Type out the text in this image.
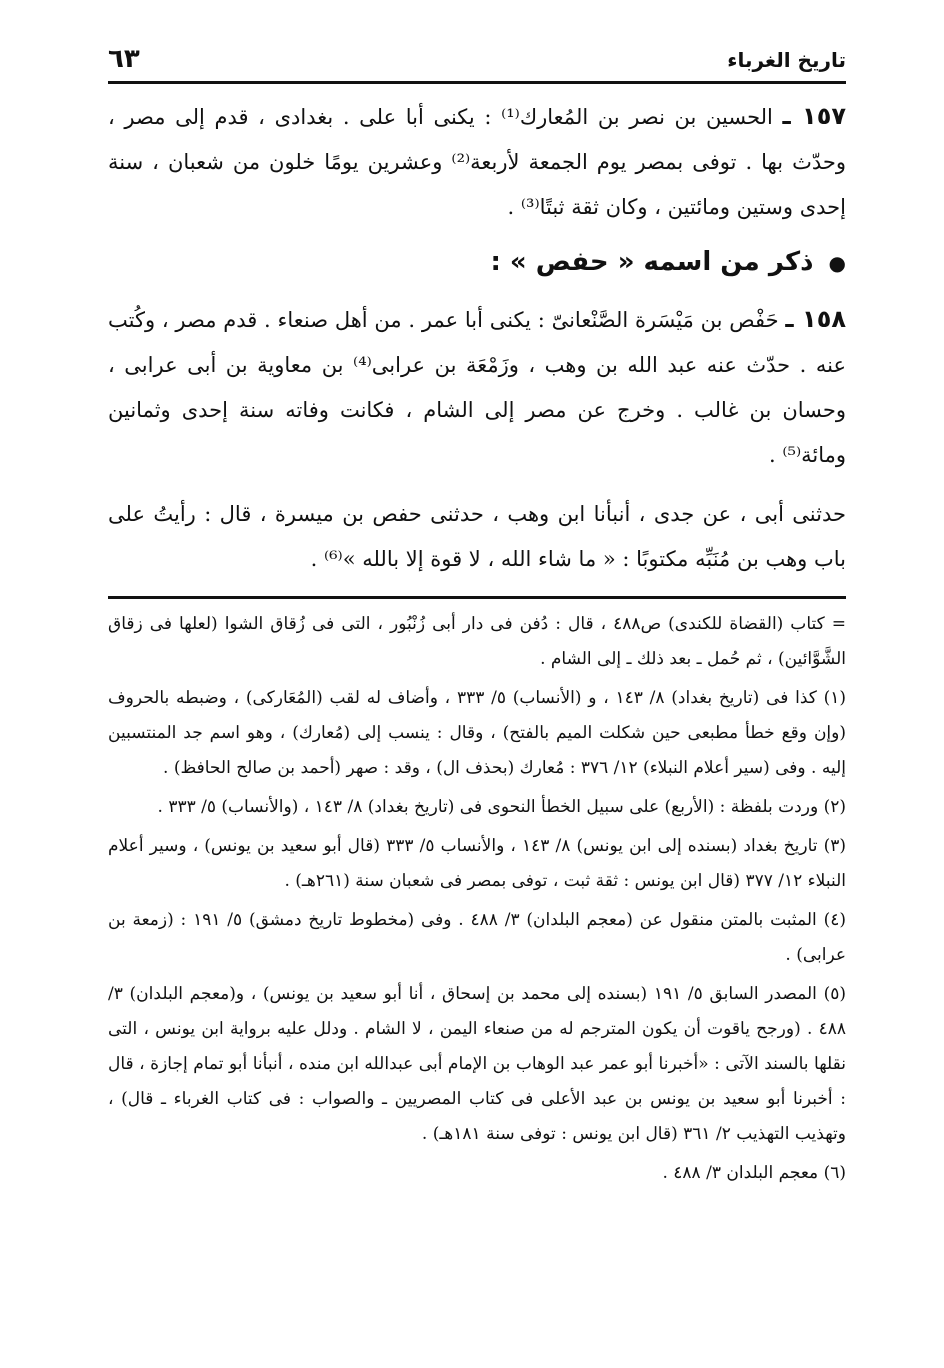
تاريخ الغرباء
٦٣

١٥٧ ـ الحسين بن نصر بن المُعارك⁽¹⁾ : يكنى أبا على . بغدادى ، قدم إلى مصر ، وحدّث بها . توفى بمصر يوم الجمعة لأربعة⁽²⁾ وعشرين يومًا خلون من شعبان ، سنة إحدى وستين ومائتين ، وكان ثقة ثبتًا⁽³⁾ .

● ذكر من اسمه « حفص » :

١٥٨ ـ حَفْص بن مَيْسَرة الصَّنْعانىّ : يكنى أبا عمر . من أهل صنعاء . قدم مصر ، وكُتب عنه . حدّث عنه عبد الله بن وهب ، وزَمْعَة بن عرابى⁽⁴⁾ بن معاوية بن أبى عرابى ، وحسان بن غالب . وخرج عن مصر إلى الشام ، فكانت وفاته سنة إحدى وثمانين ومائة⁽⁵⁾ .

حدثنى أبى ، عن جدى ، أنبأنا ابن وهب ، حدثنى حفص بن ميسرة ، قال : رأيتُ على باب وهب بن مُنَبِّه مكتوبًا : « ما شاء الله ، لا قوة إلا بالله »⁽⁶⁾ .

= كتاب (القضاة للكندى) ص٤٨٨ ، قال : دُفن فى دار أبى زُنْبُور ، التى فى زُقاق الشوا (لعلها فى زقاق الشَّوَّائين) ، ثم حُمل ـ بعد ذلك ـ إلى الشام .

(١) كذا فى (تاريخ بغداد) ٨/ ١٤٣ ، و (الأنساب) ٥/ ٣٣٣ ، وأضاف له لقب (المُعَاركى) ، وضبطه بالحروف (وإن وقع خطأ مطبعى حين شكلت الميم بالفتح) ، وقال : ينسب إلى (مُعارك) ، وهو اسم جد المنتسبين إليه . وفى (سير أعلام النبلاء) ١٢/ ٣٧٦ : مُعارك (بحذف ال) ، وقد : صهر (أحمد بن صالح الحافظ) .

(٢) وردت بلفظة : (الأربع) على سبيل الخطأ النحوى فى (تاريخ بغداد) ٨/ ١٤٣ ، (والأنساب) ٥/ ٣٣٣ .

(٣) تاريخ بغداد (بسنده إلى ابن يونس) ٨/ ١٤٣ ، والأنساب ٥/ ٣٣٣ (قال أبو سعيد بن يونس) ، وسير أعلام النبلاء ١٢/ ٣٧٧ (قال ابن يونس : ثقة ثبت ، توفى بمصر فى شعبان سنة (٢٦١هـ) .

(٤) المثبت بالمتن منقول عن (معجم البلدان) ٣/ ٤٨٨ . وفى (مخطوط تاريخ دمشق) ٥/ ١٩١ : (زمعة بن عرابى) .

(٥) المصدر السابق ٥/ ١٩١ (بسنده إلى محمد بن إسحاق ، أنا أبو سعيد بن يونس) ، و(معجم البلدان) ٣/ ٤٨٨ . (ورجح ياقوت أن يكون المترجم له من صنعاء اليمن ، لا الشام . ودلل عليه برواية ابن يونس ، التى نقلها بالسند الآتى : «أخبرنا أبو عمر عبد الوهاب بن الإمام أبى عبدالله ابن منده ، أنبأنا أبو تمام إجازة ، قال : أخبرنا أبو سعيد بن يونس بن عبد الأعلى فى كتاب المصريين ـ والصواب : فى كتاب الغرباء ـ قال) ، وتهذيب التهذيب ٢/ ٣٦١ (قال ابن يونس : توفى سنة ١٨١هـ) .

(٦) معجم البلدان ٣/ ٤٨٨ .
